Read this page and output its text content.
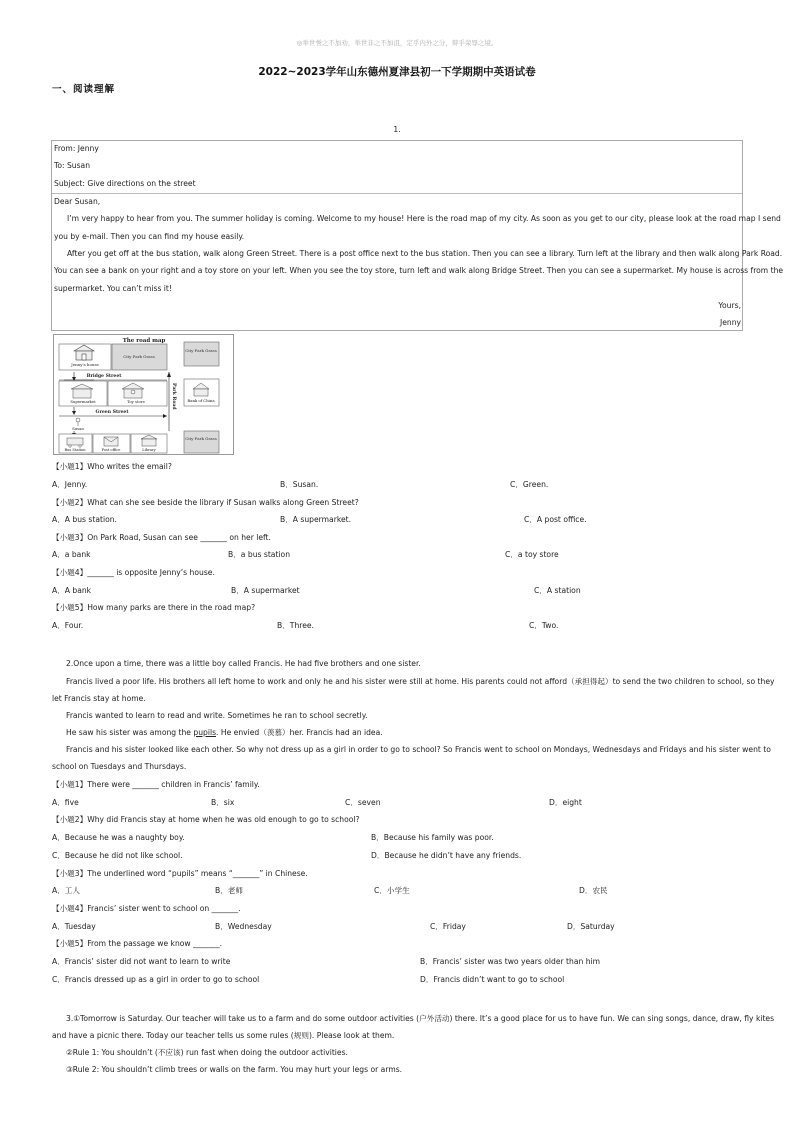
◎举世誉之不加劝，举世非之不加沮，定乎内外之分，辩乎荣辱之境。
2022~2023学年山东德州夏津县初一下学期期中英语试卷
一、阅读理解
1.
From: Jenny
To: Susan
Subject: Give directions on the street
Dear Susan,
I’m very happy to hear from you. The summer holiday is coming. Welcome to my house! Here is the road map of my city. As soon as you get to our city, please look at the road map I send
you by e-mail. Then you can find my house easily.
After you get off at the bus station, walk along Green Street. There is a post office next to the bus station. Then you can see a library. Turn left at the library and then walk along Park Road.
You can see a bank on your right and a toy store on your left. When you see the toy store, turn left and walk along Bridge Street. Then you can see a supermarket. My house is across from the
supermarket. You can’t miss it!
Yours,
Jenny
The road map
Jenny's house
City Park Grass
City Park Grass
Bridge Street
Supermarket	Toy store	Park Road	Bank of China
Green Street
Susan
Bus Station	Post office	Library
City Park Grass
【小题1】Who writes the email?
A．Jenny.	B．Susan.	C．Green.
【小题2】What can she see beside the library if Susan walks along Green Street?
A．A bus station.	B．A supermarket.	C．A post office.
【小题3】On Park Road, Susan can see _______ on her left.
A．a bank	B．a bus station	C．a toy store
【小题4】_______ is opposite Jenny’s house.
A．A bank	B．A supermarket	C．A station
【小题5】How many parks are there in the road map?
A．Four.	B．Three.	C．Two.
2.Once upon a time, there was a little boy called Francis. He had five brothers and one sister.
Francis lived a poor life. His brothers all left home to work and only he and his sister were still at home. His parents could not afford（承担得起）to send the two children to school, so they
let Francis stay at home.
Francis wanted to learn to read and write. Sometimes he ran to school secretly.
He saw his sister was among the pupils. He envied（羡慕）her. Francis had an idea.
Francis and his sister looked like each other. So why not dress up as a girl in order to go to school? So Francis went to school on Mondays, Wednesdays and Fridays and his sister went to
school on Tuesdays and Thursdays.
【小题1】There were _______ children in Francis’ family.
A．five	B．six	C．seven	D．eight
【小题2】Why did Francis stay at home when he was old enough to go to school?
A．Because he was a naughty boy.	B．Because his family was poor.
C．Because he did not like school.	D．Because he didn’t have any friends.
【小题3】The underlined word “pupils” means “_______” in Chinese.
A．工人	B．老师	C．小学生	D．农民
【小题4】Francis’ sister went to school on _______.
A．Tuesday	B．Wednesday	C．Friday	D．Saturday
【小题5】From the passage we know _______.
A．Francis’ sister did not want to learn to write	B．Francis’ sister was two years older than him
C．Francis dressed up as a girl in order to go to school	D．Francis didn’t want to go to school
3.①Tomorrow is Saturday. Our teacher will take us to a farm and do some outdoor activities (户外活动) there. It’s a good place for us to have fun. We can sing songs, dance, draw, fly kites
and have a picnic there. Today our teacher tells us some rules (规则). Please look at them.
②Rule 1: You shouldn’t (不应该) run fast when doing the outdoor activities.
③Rule 2: You shouldn’t climb trees or walls on the farm. You may hurt your legs or arms.
